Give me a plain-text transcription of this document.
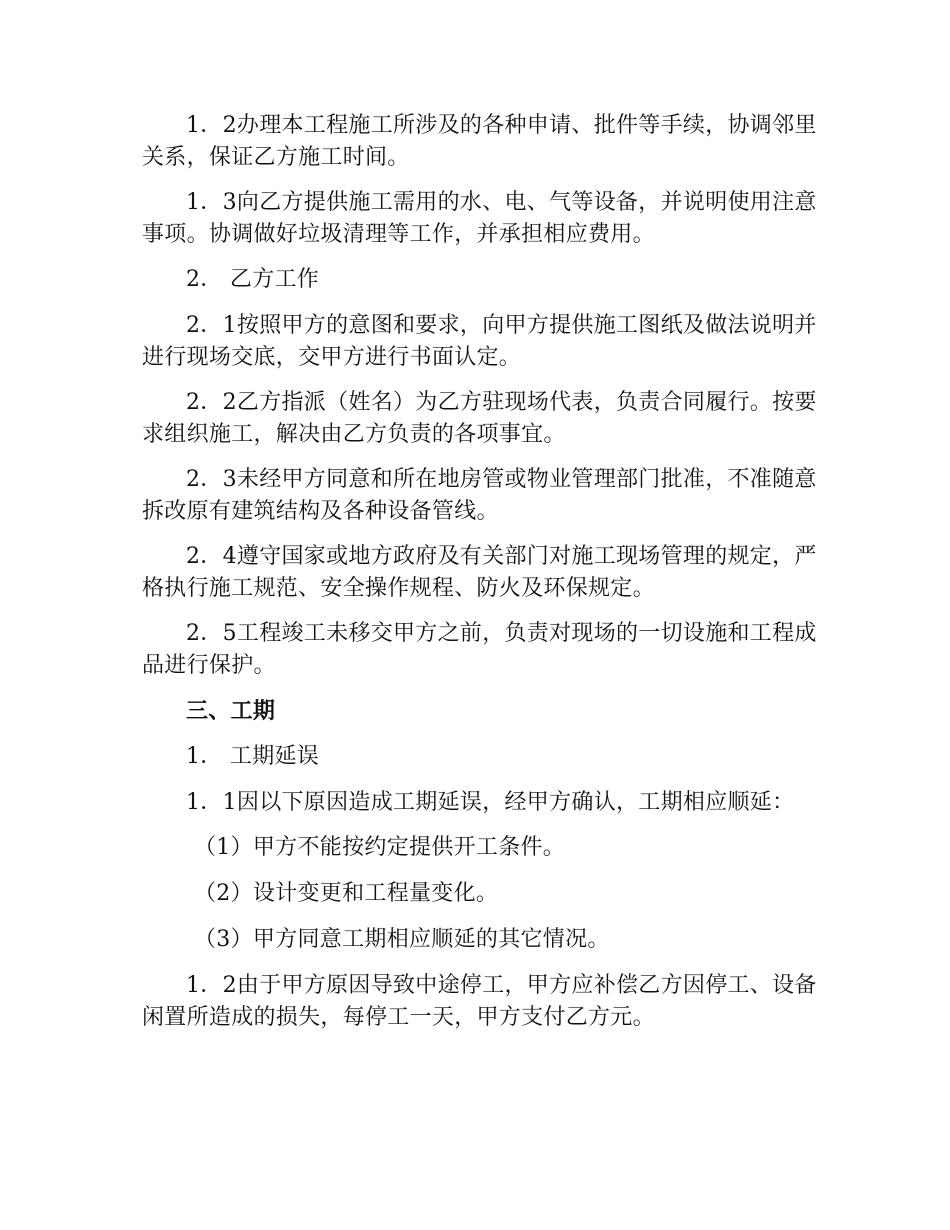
1．2办理本工程施工所涉及的各种申请、批件等手续，协调邻里关系，保证乙方施工时间。

1．3向乙方提供施工需用的水、电、气等设备，并说明使用注意事项。协调做好垃圾清理等工作，并承担相应费用。

2． 乙方工作

2．1按照甲方的意图和要求，向甲方提供施工图纸及做法说明并进行现场交底，交甲方进行书面认定。

2．2乙方指派（姓名）为乙方驻现场代表，负责合同履行。按要求组织施工，解决由乙方负责的各项事宜。

2．3未经甲方同意和所在地房管或物业管理部门批准，不准随意拆改原有建筑结构及各种设备管线。

2．4遵守国家或地方政府及有关部门对施工现场管理的规定，严格执行施工规范、安全操作规程、防火及环保规定。

2．5工程竣工未移交甲方之前，负责对现场的一切设施和工程成品进行保护。

三、工期

1． 工期延误

1．1因以下原因造成工期延误，经甲方确认，工期相应顺延：

（1）甲方不能按约定提供开工条件。

（2）设计变更和工程量变化。

（3）甲方同意工期相应顺延的其它情况。

1．2由于甲方原因导致中途停工，甲方应补偿乙方因停工、设备闲置所造成的损失，每停工一天，甲方支付乙方元。
